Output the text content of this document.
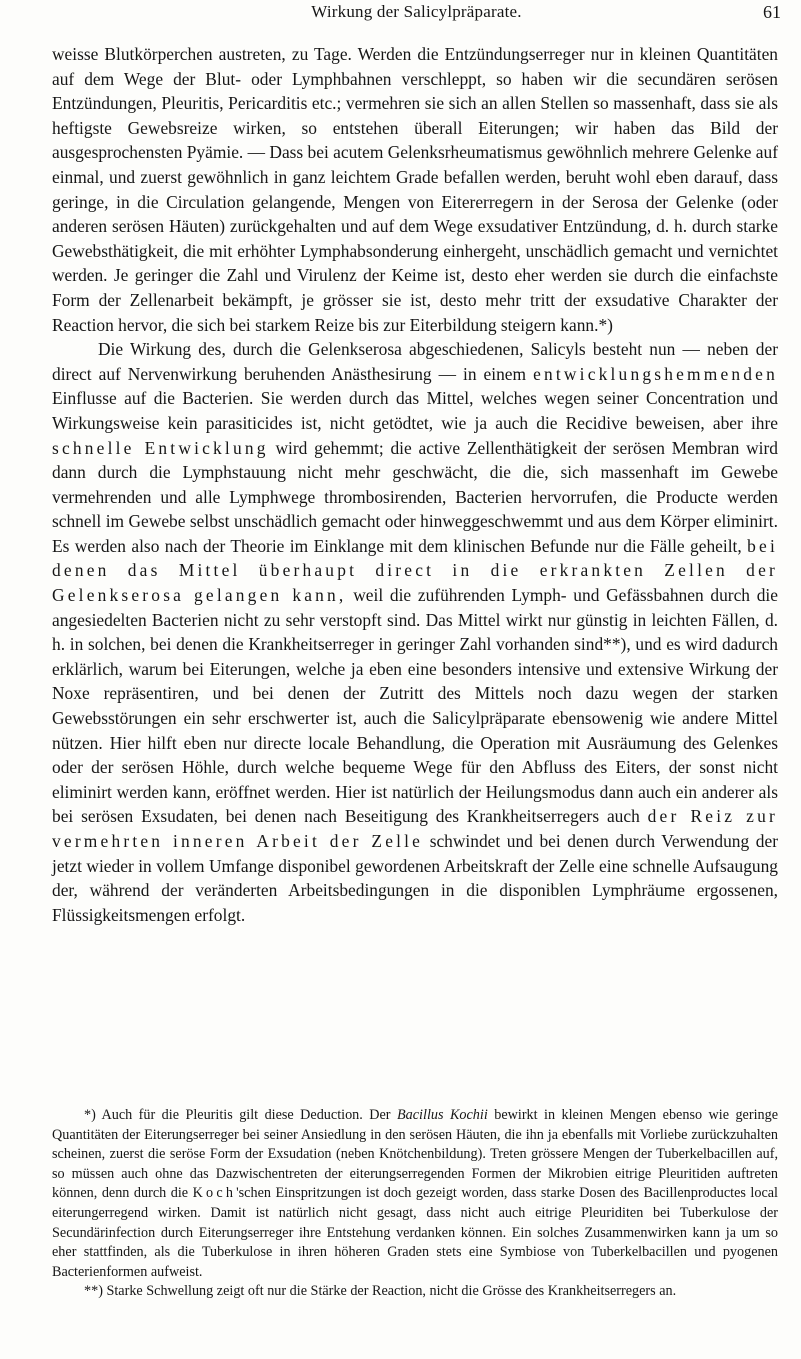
Wirkung der Salicylpräparate.	61

weisse Blutkörperchen austreten, zu Tage. Werden die Entzündungserreger nur in kleinen Quantitäten auf dem Wege der Blut- oder Lymphbahnen verschleppt, so haben wir die secundären serösen Entzündungen, Pleuritis, Pericarditis etc.; vermehren sie sich an allen Stellen so massenhaft, dass sie als heftigste Gewebsreize wirken, so entstehen überall Eiterungen; wir haben das Bild der ausgesprochensten Pyämie. — Dass bei acutem Gelenksrheumatismus gewöhnlich mehrere Gelenke auf einmal, und zuerst gewöhnlich in ganz leichtem Grade befallen werden, beruht wohl eben darauf, dass geringe, in die Circulation gelangende, Mengen von Eitererregern in der Serosa der Gelenke (oder anderen serösen Häuten) zurückgehalten und auf dem Wege exsudativer Entzündung, d. h. durch starke Gewebsthätigkeit, die mit erhöhter Lymphabsonderung einhergeht, unschädlich gemacht und vernichtet werden. Je geringer die Zahl und Virulenz der Keime ist, desto eher werden sie durch die einfachste Form der Zellenarbeit bekämpft, je grösser sie ist, desto mehr tritt der exsudative Charakter der Reaction hervor, die sich bei starkem Reize bis zur Eiterbildung steigern kann.*)

Die Wirkung des, durch die Gelenkserosa abgeschiedenen, Salicyls besteht nun — neben der direct auf Nervenwirkung beruhenden Anästhesirung — in einem entwicklungshemmenden Einflusse auf die Bacterien. Sie werden durch das Mittel, welches wegen seiner Concentration und Wirkungsweise kein parasiticides ist, nicht getödtet, wie ja auch die Recidive beweisen, aber ihre schnelle Entwicklung wird gehemmt; die active Zellenthätigkeit der serösen Membran wird dann durch die Lymphstauung nicht mehr geschwächt, die die, sich massenhaft im Gewebe vermehrenden und alle Lymphwege thrombosirenden, Bacterien hervorrufen, die Producte werden schnell im Gewebe selbst unschädlich gemacht oder hinweggeschwemmt und aus dem Körper eliminirt. Es werden also nach der Theorie im Einklange mit dem klinischen Befunde nur die Fälle geheilt, bei denen das Mittel überhaupt direct in die erkrankten Zellen der Gelenkserosa gelangen kann, weil die zuführenden Lymph- und Gefässbahnen durch die angesiedelten Bacterien nicht zu sehr verstopft sind. Das Mittel wirkt nur günstig in leichten Fällen, d. h. in solchen, bei denen die Krankheitserreger in geringer Zahl vorhanden sind**), und es wird dadurch erklärlich, warum bei Eiterungen, welche ja eben eine besonders intensive und extensive Wirkung der Noxe repräsentiren, und bei denen der Zutritt des Mittels noch dazu wegen der starken Gewebsstörungen ein sehr erschwerter ist, auch die Salicylpräparate ebensowenig wie andere Mittel nützen. Hier hilft eben nur directe locale Behandlung, die Operation mit Ausräumung des Gelenkes oder der serösen Höhle, durch welche bequeme Wege für den Abfluss des Eiters, der sonst nicht eliminirt werden kann, eröffnet werden. Hier ist natürlich der Heilungsmodus dann auch ein anderer als bei serösen Exsudaten, bei denen nach Beseitigung des Krankheitserregers auch der Reiz zur vermehrten inneren Arbeit der Zelle schwindet und bei denen durch Verwendung der jetzt wieder in vollem Umfange disponibel gewordenen Arbeitskraft der Zelle eine schnelle Aufsaugung der, während der veränderten Arbeitsbedingungen in die disponiblen Lymphräume ergossenen, Flüssigkeitsmengen erfolgt.

*) Auch für die Pleuritis gilt diese Deduction. Der Bacillus Kochii bewirkt in kleinen Mengen ebenso wie geringe Quantitäten der Eiterungserreger bei seiner Ansiedlung in den serösen Häuten, die ihn ja ebenfalls mit Vorliebe zurückzuhalten scheinen, zuerst die seröse Form der Exsudation (neben Knötchenbildung). Treten grössere Mengen der Tuberkelbacillen auf, so müssen auch ohne das Dazwischentreten der eiterungserregenden Formen der Mikrobien eitrige Pleuritiden auftreten können, denn durch die Koch'schen Einspritzungen ist doch gezeigt worden, dass starke Dosen des Bacillenproductes local eiterungerregend wirken. Damit ist natürlich nicht gesagt, dass nicht auch eitrige Pleuriditen bei Tuberkulose der Secundärinfection durch Eiterungserreger ihre Entstehung verdanken können. Ein solches Zusammenwirken kann ja um so eher stattfinden, als die Tuberkulose in ihren höheren Graden stets eine Symbiose von Tuberkelbacillen und pyogenen Bacterienformen aufweist.

**) Starke Schwellung zeigt oft nur die Stärke der Reaction, nicht die Grösse des Krankheitserregers an.
